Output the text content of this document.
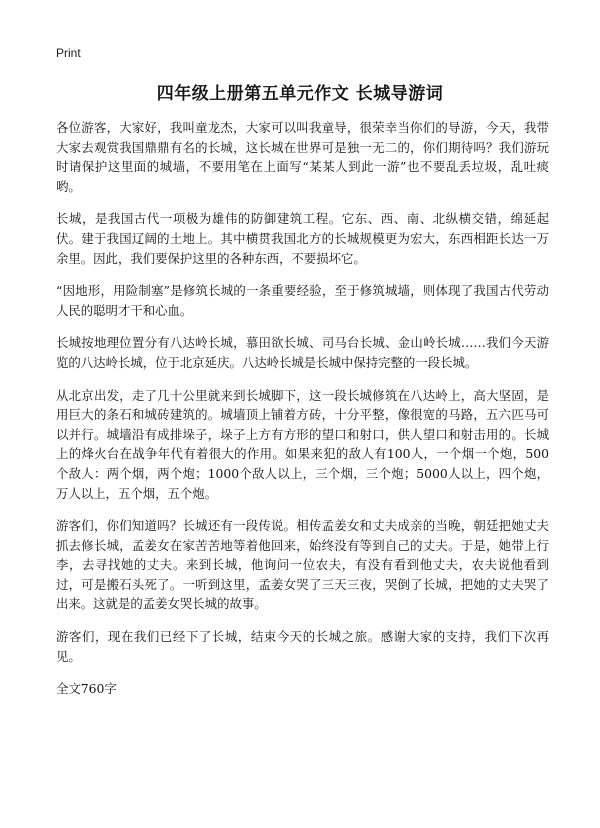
Print
四年级上册第五单元作文 长城导游词

各位游客，大家好，我叫童龙杰，大家可以叫我童导，很荣幸当你们的导游，今天，我带大家去观赏我国鼎鼎有名的长城，这长城在世界可是独一无二的，你们期待吗？我们游玩时请保护这里面的城墙，不要用笔在上面写“某某人到此一游”也不要乱丢垃圾，乱吐痰哟。

长城，是我国古代一项极为雄伟的防御建筑工程。它东、西、南、北纵横交错，绵延起伏。建于我国辽阔的土地上。其中横贯我国北方的长城规模更为宏大，东西相距长达一万余里。因此，我们要保护这里的各种东西，不要损坏它。

“因地形，用险制塞”是修筑长城的一条重要经验，至于修筑城墙，则体现了我国古代劳动人民的聪明才干和心血。

长城按地理位置分有八达岭长城，慕田欲长城、司马台长城、金山岭长城……我们今天游览的八达岭长城，位于北京延庆。八达岭长城是长城中保持完整的一段长城。

从北京出发，走了几十公里就来到长城脚下，这一段长城修筑在八达岭上，高大坚固，是用巨大的条石和城砖建筑的。城墙顶上铺着方砖，十分平整，像很宽的马路，五六匹马可以并行。城墙沿有成排垛子，垛子上方有方形的望口和射口，供人望口和射击用的。长城上的烽火台在战争年代有着很大的作用。如果来犯的敌人有100人，一个烟一个炮，500个敌人：两个烟，两个炮；1000个敌人以上，三个烟，三个炮；5000人以上，四个炮，万人以上，五个烟，五个炮。

游客们，你们知道吗？长城还有一段传说。相传孟姜女和丈夫成亲的当晚，朝廷把她丈夫抓去修长城，孟姜女在家苦苦地等着他回来，始终没有等到自己的丈夫。于是，她带上行李，去寻找她的丈夫。来到长城，他询问一位农夫，有没有看到他丈夫，农夫说他看到过，可是搬石头死了。一听到这里，孟姜女哭了三天三夜，哭倒了长城，把她的丈夫哭了出来。这就是的孟姜女哭长城的故事。

游客们，现在我们已经下了长城，结束今天的长城之旅。感谢大家的支持，我们下次再见。

全文760字
